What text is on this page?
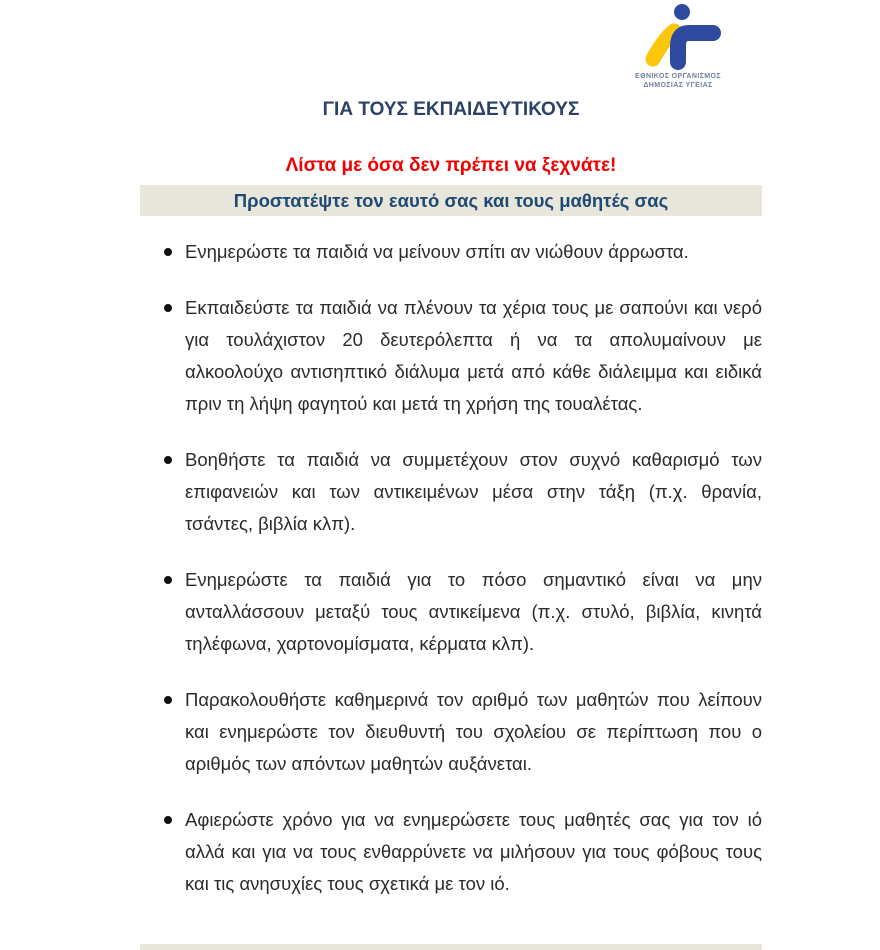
ΕΘΝΙΚΟΣ ΟΡΓΑΝΙΣΜΟΣ
ΔΗΜΟΣΙΑΣ ΥΓΕΙΑΣ
ΓΙΑ ΤΟΥΣ ΕΚΠΑΙΔΕΥΤΙΚΟΥΣ
Λίστα με όσα δεν πρέπει να ξεχνάτε!
Προστατέψτε τον εαυτό σας και τους μαθητές σας
Ενημερώστε τα παιδιά να μείνουν σπίτι αν νιώθουν άρρωστα.
Εκπαιδεύστε τα παιδιά να πλένουν τα χέρια τους με σαπούνι και νερό για τουλάχιστον 20 δευτερόλεπτα ή να τα απολυμαίνουν με αλκοολούχο αντισηπτικό διάλυμα μετά από κάθε διάλειμμα και ειδικά πριν τη λήψη φαγητού και μετά τη χρήση της τουαλέτας.
Βοηθήστε τα παιδιά να συμμετέχουν στον συχνό καθαρισμό των επιφανειών και των αντικειμένων μέσα στην τάξη (π.χ. θρανία, τσάντες, βιβλία κλπ).
Ενημερώστε τα παιδιά για το πόσο σημαντικό είναι να μην ανταλλάσσουν μεταξύ τους αντικείμενα (π.χ. στυλό, βιβλία, κινητά τηλέφωνα, χαρτονομίσματα, κέρματα κλπ).
Παρακολουθήστε καθημερινά τον αριθμό των μαθητών που λείπουν και ενημερώστε τον διευθυντή του σχολείου σε περίπτωση που ο αριθμός των απόντων μαθητών αυξάνεται.
Αφιερώστε χρόνο για να ενημερώσετε τους μαθητές σας για τον ιό αλλά και για να τους ενθαρρύνετε να μιλήσουν για τους φόβους τους και τις ανησυχίες τους σχετικά με τον ιό.
